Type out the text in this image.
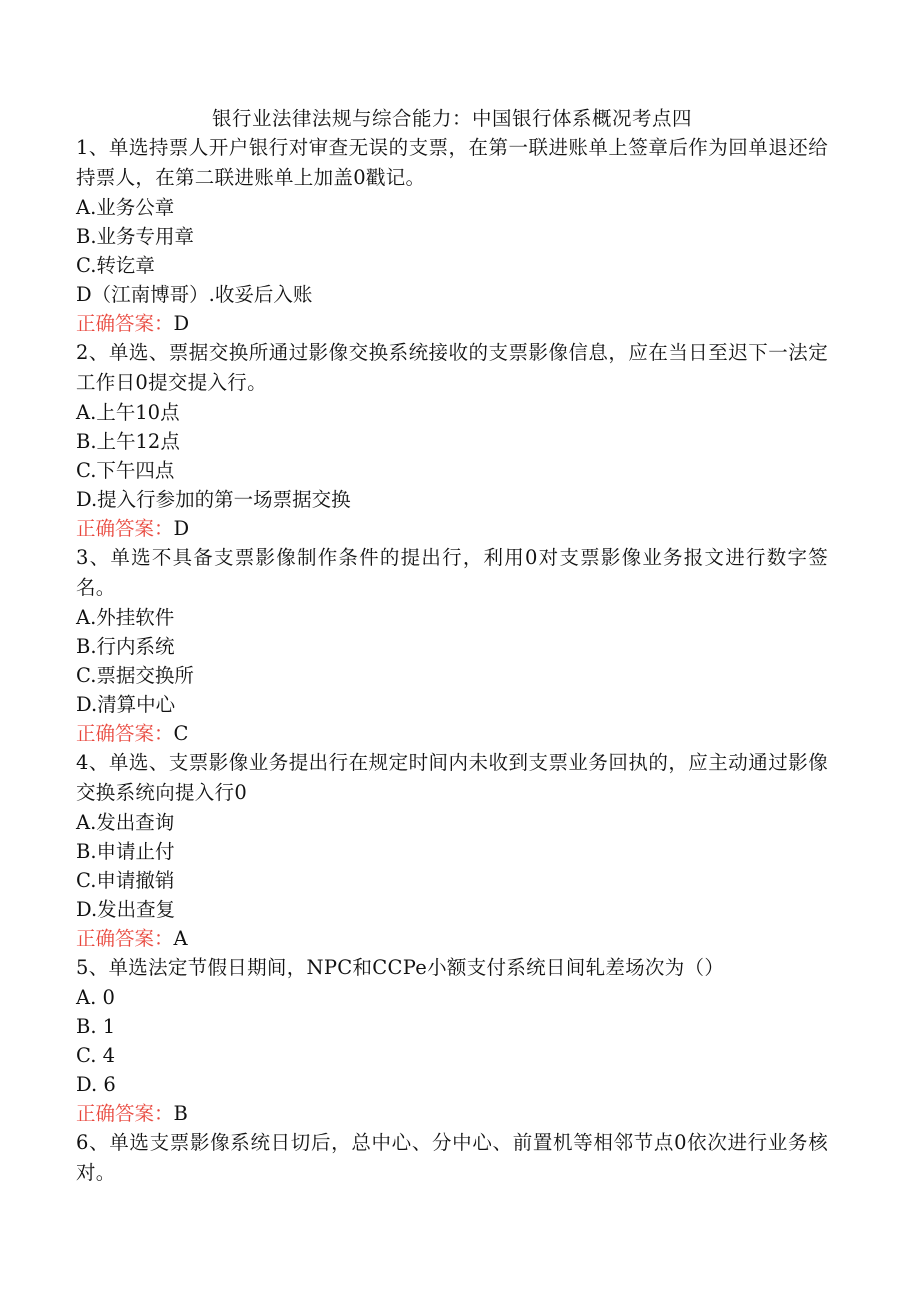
银行业法律法规与综合能力：中国银行体系概况考点四
1、单选持票人开户银行对审查无误的支票，在第一联进账单上签章后作为回单退还给持票人，在第二联进账单上加盖0戳记。
A.业务公章
B.业务专用章
C.转讫章
D（江南博哥）.收妥后入账
正确答案：D
2、单选、票据交换所通过影像交换系统接收的支票影像信息，应在当日至迟下一法定工作日0提交提入行。
A.上午10点
B.上午12点
C.下午四点
D.提入行参加的第一场票据交换
正确答案：D
3、单选不具备支票影像制作条件的提出行，利用0对支票影像业务报文进行数字签名。
A.外挂软件
B.行内系统
C.票据交换所
D.清算中心
正确答案：C
4、单选、支票影像业务提出行在规定时间内未收到支票业务回执的，应主动通过影像交换系统向提入行0
A.发出查询
B.申请止付
C.申请撤销
D.发出查复
正确答案：A
5、单选法定节假日期间，NPC和CCPe小额支付系统日间轧差场次为（）
A. 0
B. 1
C. 4
D. 6
正确答案：B
6、单选支票影像系统日切后，总中心、分中心、前置机等相邻节点0依次进行业务核对。
